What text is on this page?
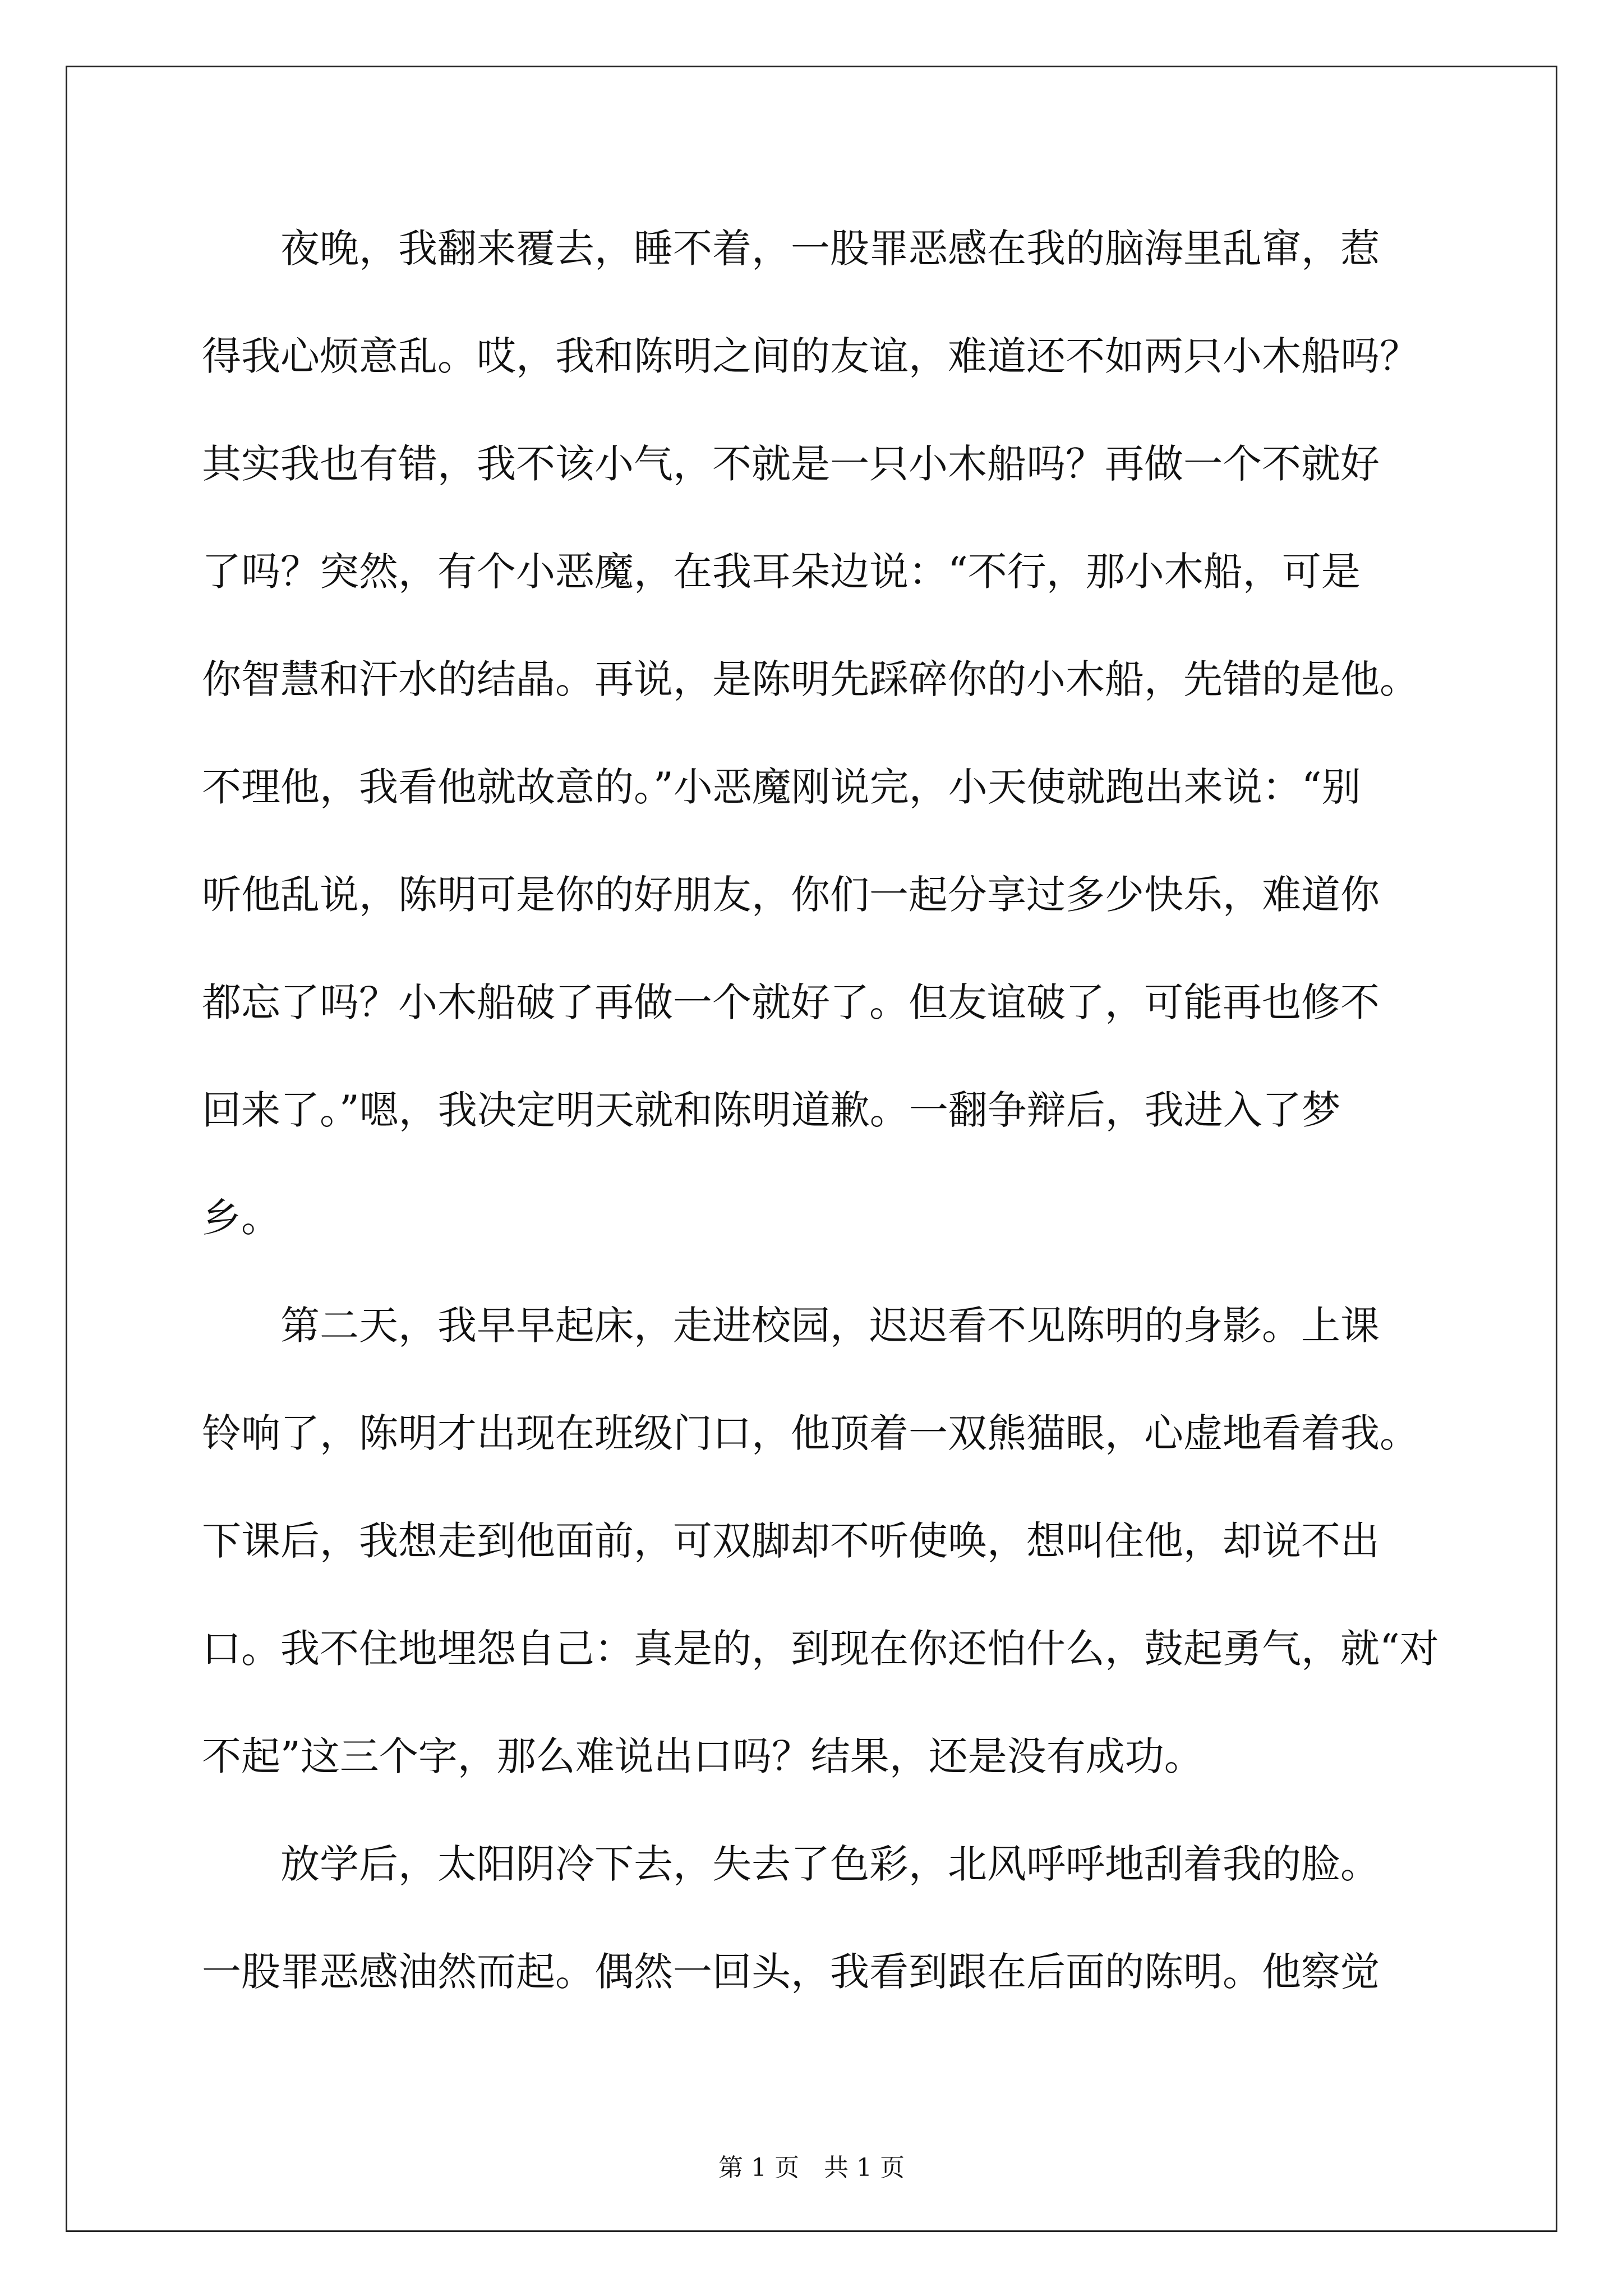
　　夜晚，我翻来覆去，睡不着，一股罪恶感在我的脑海里乱窜，惹
得我心烦意乱。哎，我和陈明之间的友谊，难道还不如两只小木船吗？
其实我也有错，我不该小气，不就是一只小木船吗？再做一个不就好
了吗？突然，有个小恶魔，在我耳朵边说：“不行，那小木船，可是
你智慧和汗水的结晶。再说，是陈明先踩碎你的小木船，先错的是他。
不理他，我看他就故意的。”小恶魔刚说完，小天使就跑出来说：“别
听他乱说，陈明可是你的好朋友，你们一起分享过多少快乐，难道你
都忘了吗？小木船破了再做一个就好了。但友谊破了，可能再也修不
回来了。”嗯，我决定明天就和陈明道歉。一翻争辩后，我进入了梦
乡。
　　第二天，我早早起床，走进校园，迟迟看不见陈明的身影。上课
铃响了，陈明才出现在班级门口，他顶着一双熊猫眼，心虚地看着我。
下课后，我想走到他面前，可双脚却不听使唤，想叫住他，却说不出
口。我不住地埋怨自己：真是的，到现在你还怕什么，鼓起勇气，就“对
不起”这三个字，那么难说出口吗？结果，还是没有成功。
　　放学后，太阳阴冷下去，失去了色彩，北风呼呼地刮着我的脸。
一股罪恶感油然而起。偶然一回头，我看到跟在后面的陈明。他察觉
第 1 页　共 1 页
